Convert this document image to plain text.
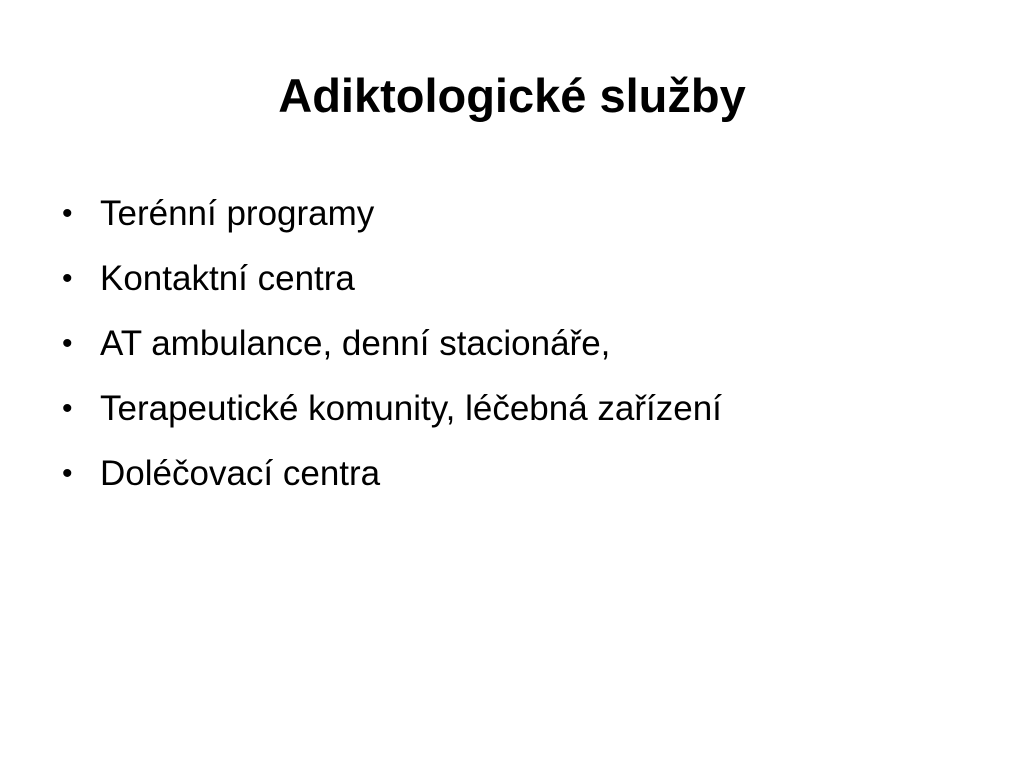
Adiktologické služby
• Terénní programy
• Kontaktní centra
• AT ambulance, denní stacionáře,
• Terapeutické komunity, léčebná zařízení
• Doléčovací centra
